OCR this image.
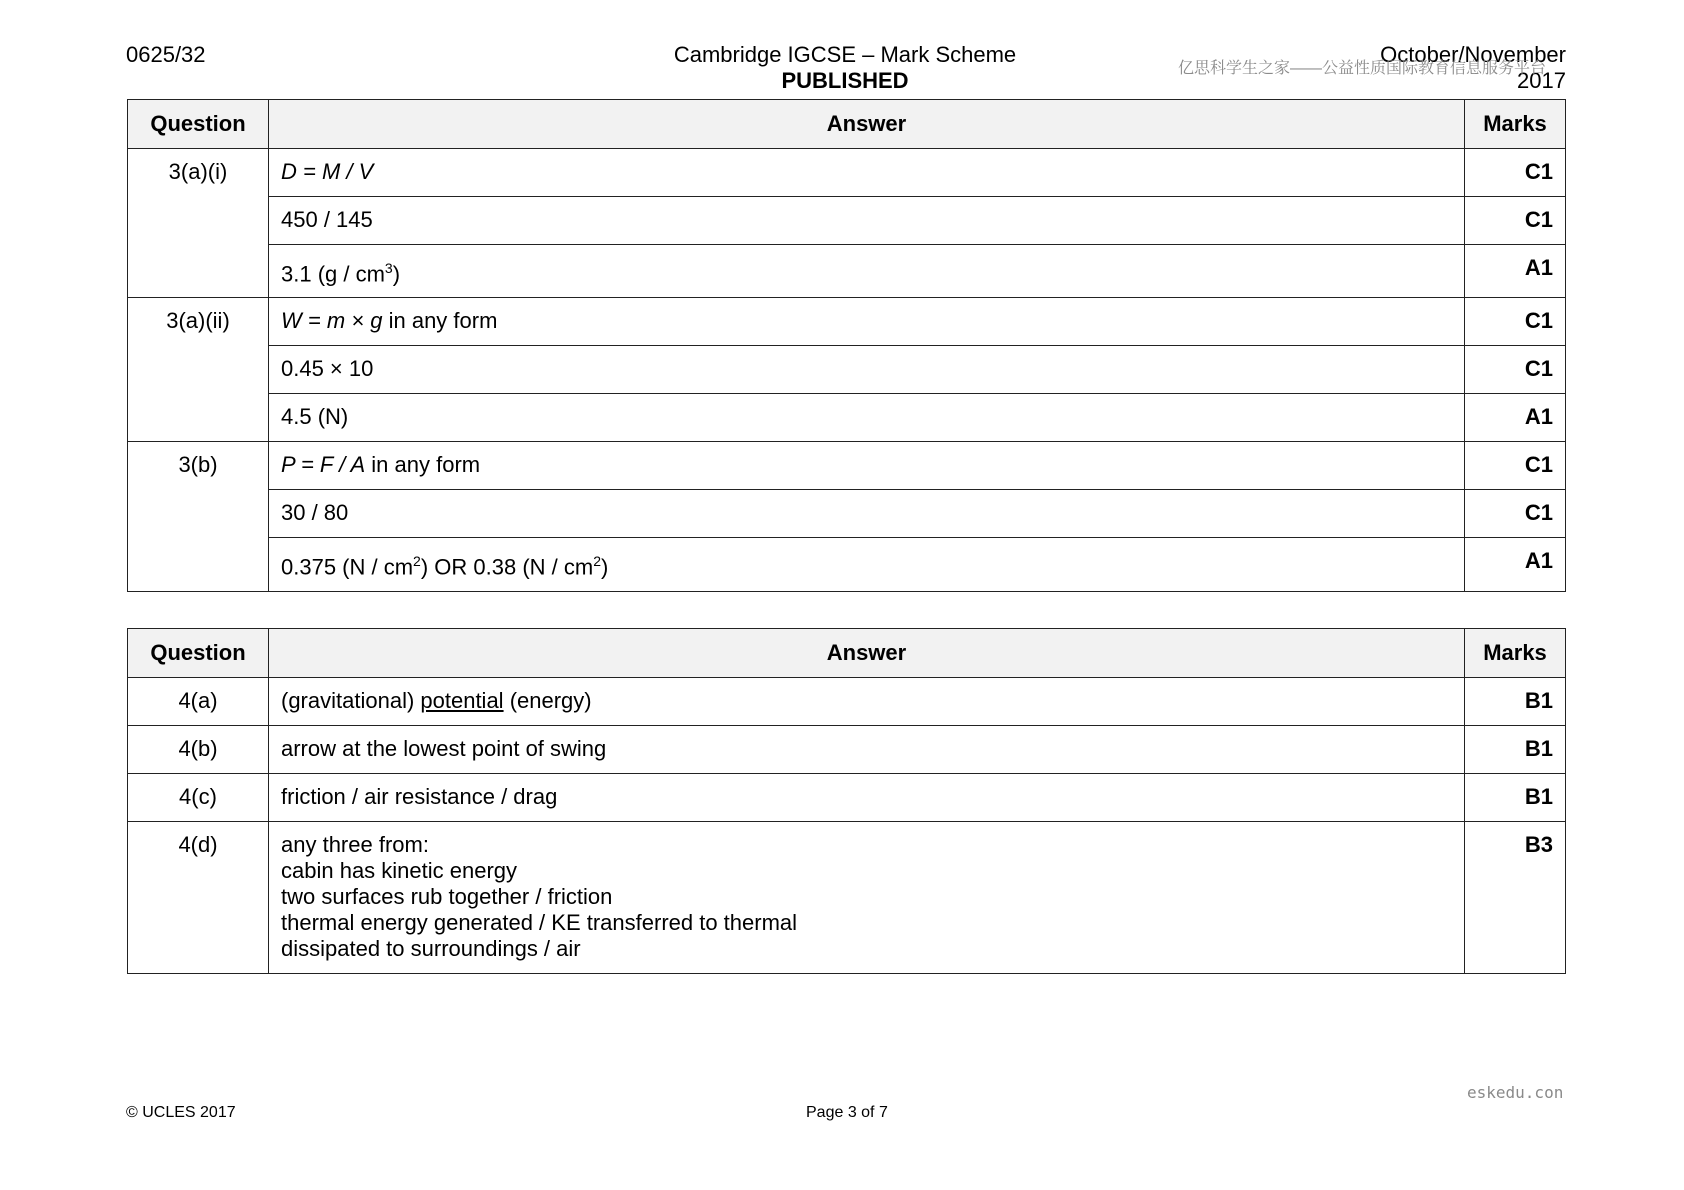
0625/32	Cambridge IGCSE – Mark Scheme
PUBLISHED
October/November
2017
亿思科学生之家——公益性质国际教育信息服务平台
Question	Answer	Marks
3(a)(i)	D = M / V	C1
	450 / 145	C1
	3.1 $(g / cm^3)$	A1
3(a)(ii)	W = m × g in any form	C1
	0.45 × 10	C1
	4.5 (N)	A1
3(b)	P = F / A in any form	C1
	30 / 80	C1
	0.375 $(N / cm^2)$ OR 0.38 $(N / cm^2)$	A1
Question	Answer	Marks
4(a)	(gravitational) potential (energy)	B1
4(b)	arrow at the lowest point of swing	B1
4(c)	friction / air resistance / drag	B1
4(d)	any three from:
cabin has kinetic energy
two surfaces rub together / friction
thermal energy generated / KE transferred to thermal
dissipated to surroundings / air	B3
© UCLES 2017	Page 3 of 7
eskedu.con
